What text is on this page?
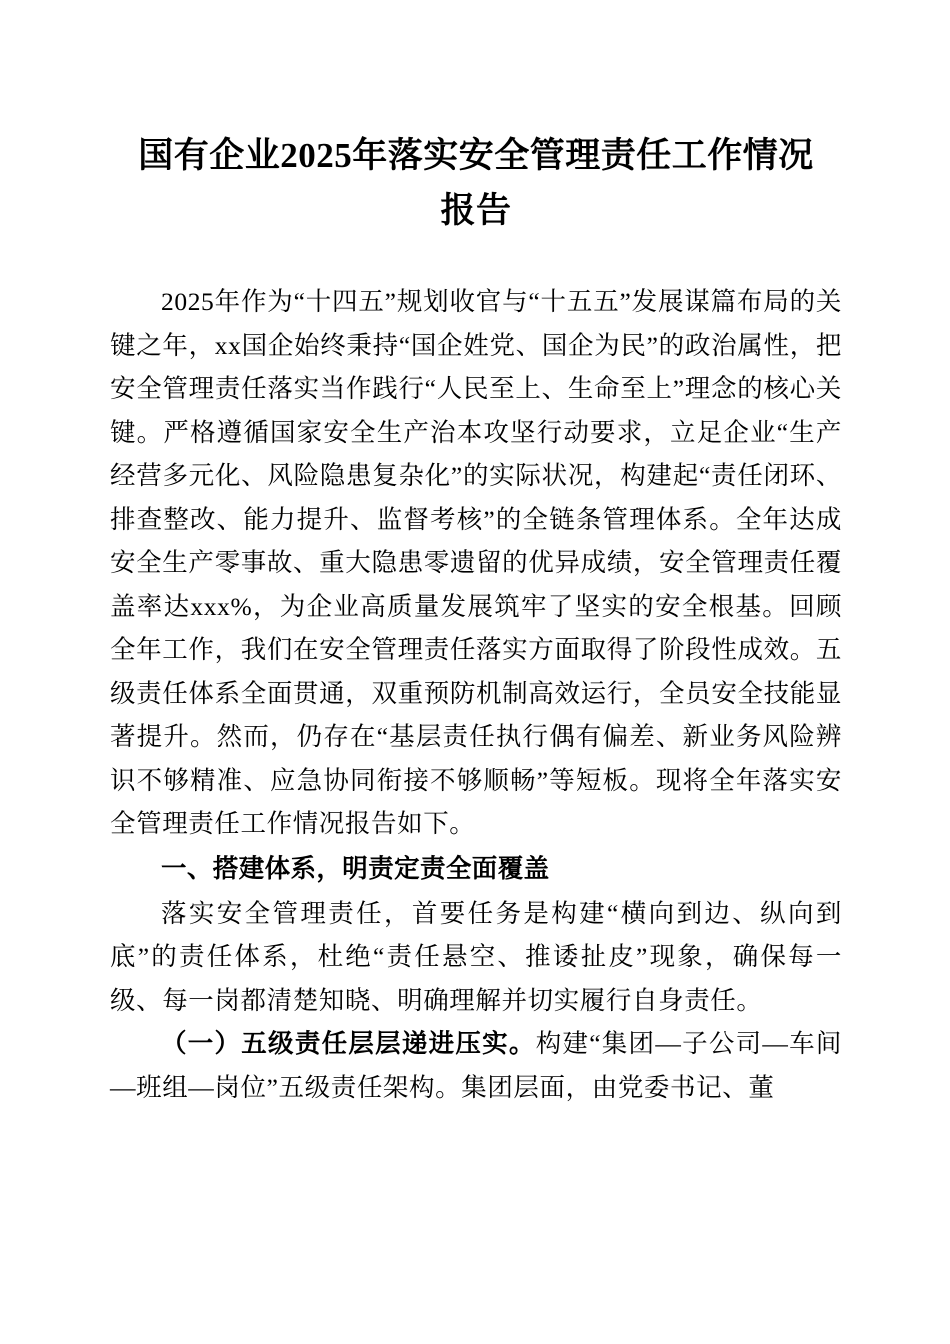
国有企业2025年落实安全管理责任工作情况
报告

2025年作为“十四五”规划收官与“十五五”发展谋篇布局的关键之年，xx国企始终秉持“国企姓党、国企为民”的政治属性，把安全管理责任落实当作践行“人民至上、生命至上”理念的核心关键。严格遵循国家安全生产治本攻坚行动要求，立足企业“生产经营多元化、风险隐患复杂化”的实际状况，构建起“责任闭环、排查整改、能力提升、监督考核”的全链条管理体系。全年达成安全生产零事故、重大隐患零遗留的优异成绩，安全管理责任覆盖率达xxx%，为企业高质量发展筑牢了坚实的安全根基。回顾全年工作，我们在安全管理责任落实方面取得了阶段性成效。五级责任体系全面贯通，双重预防机制高效运行，全员安全技能显著提升。然而，仍存在“基层责任执行偶有偏差、新业务风险辨识不够精准、应急协同衔接不够顺畅”等短板。现将全年落实安全管理责任工作情况报告如下。

一、搭建体系，明责定责全面覆盖

落实安全管理责任，首要任务是构建“横向到边、纵向到底”的责任体系，杜绝“责任悬空、推诿扯皮”现象，确保每一级、每一岗都清楚知晓、明确理解并切实履行自身责任。

（一）五级责任层层递进压实。构建“集团—子公司—车间—班组—岗位”五级责任架构。集团层面，由党委书记、董
